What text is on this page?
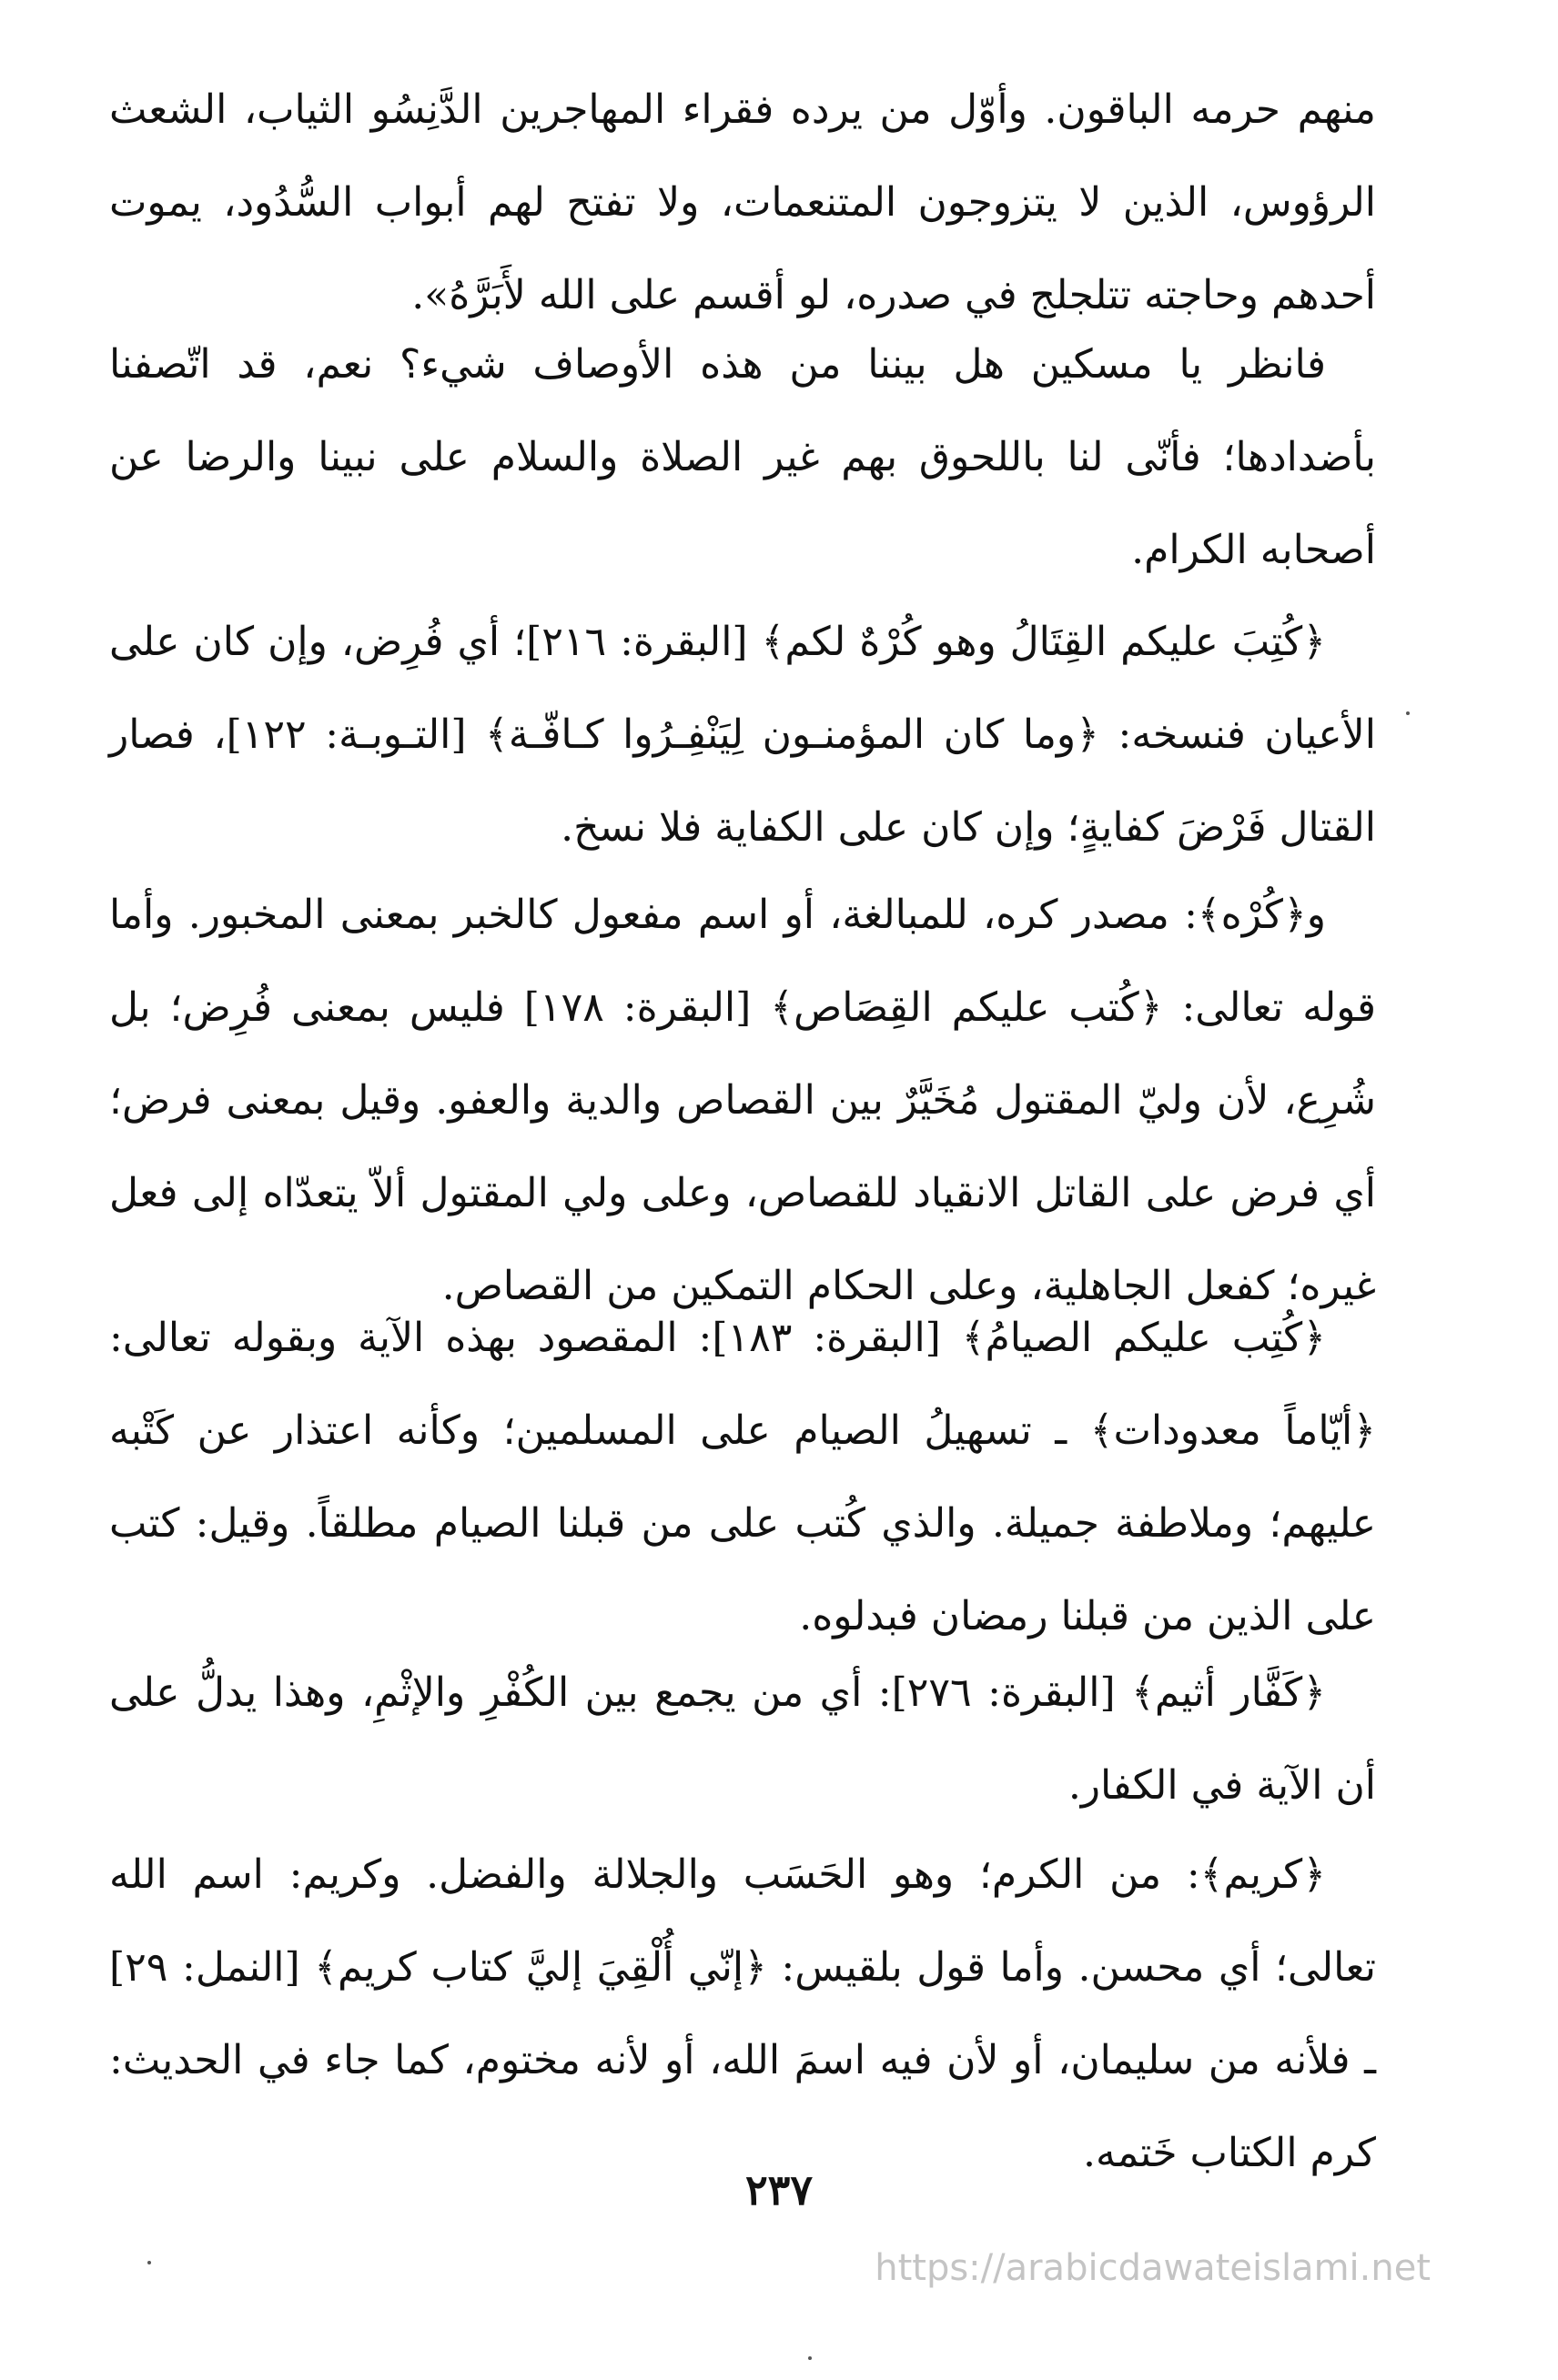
منهم حرمه الباقون. وأوّل من يرده فقراء المهاجرين الدَّنِسُو الثياب، الشعث الرؤوس، الذين لا يتزوجون المتنعمات، ولا تفتح لهم أبواب السُّدُود، يموت أحدهم وحاجته تتلجلج في صدره، لو أقسم على الله لأَبَرَّهُ».

فانظر يا مسكين هل بيننا من هذه الأوصاف شيء؟ نعم، قد اتّصفنا بأضدادها؛ فأنّى لنا باللحوق بهم غير الصلاة والسلام على نبينا والرضا عن أصحابه الكرام.

﴿كُتِبَ عليكم القِتَالُ وهو كُرْهٌ لكم﴾ [البقرة: ٢١٦]؛ أي فُرِض، وإن كان على الأعيان فنسخه: ﴿وما كان المؤمنـون لِيَنْفِـرُوا كـافّـة﴾ [التـوبـة: ١٢٢]، فصار القتال فَرْضَ كفايةٍ؛ وإن كان على الكفاية فلا نسخ.

و﴿كُرْه﴾: مصدر كره، للمبالغة، أو اسم مفعول كالخبر بمعنى المخبور. وأما قوله تعالى: ﴿كُتب عليكم القِصَاص﴾ [البقرة: ١٧٨] فليس بمعنى فُرِض؛ بل شُرِع، لأن وليّ المقتول مُخَيَّرٌ بين القصاص والدية والعفو. وقيل بمعنى فرض؛ أي فرض على القاتل الانقياد للقصاص، وعلى ولي المقتول ألاّ يتعدّاه إلى فعل غيره؛ كفعل الجاهلية، وعلى الحكام التمكين من القصاص.

﴿كُتِب عليكم الصيامُ﴾ [البقرة: ١٨٣]: المقصود بهذه الآية وبقوله تعالى: ﴿أيّاماً معدودات﴾ ـ تسهيلُ الصيام على المسلمين؛ وكأنه اعتذار عن كَتْبه عليهم؛ وملاطفة جميلة. والذي كُتب على من قبلنا الصيام مطلقاً. وقيل: كتب على الذين من قبلنا رمضان فبدلوه.

﴿كَفَّار أثيم﴾ [البقرة: ٢٧٦]: أي من يجمع بين الكُفْرِ والإثْمِ، وهذا يدلُّ على أن الآية في الكفار.

﴿كريم﴾: من الكرم؛ وهو الحَسَب والجلالة والفضل. وكريم: اسم الله تعالى؛ أي محسن. وأما قول بلقيس: ﴿إنّي أُلْقِيَ إليَّ كتاب كريم﴾ [النمل: ٢٩] ـ فلأنه من سليمان، أو لأن فيه اسمَ الله، أو لأنه مختوم، كما جاء في الحديث: كرم الكتاب خَتمه.

٢٣٧
https://arabicdawateislami.net
